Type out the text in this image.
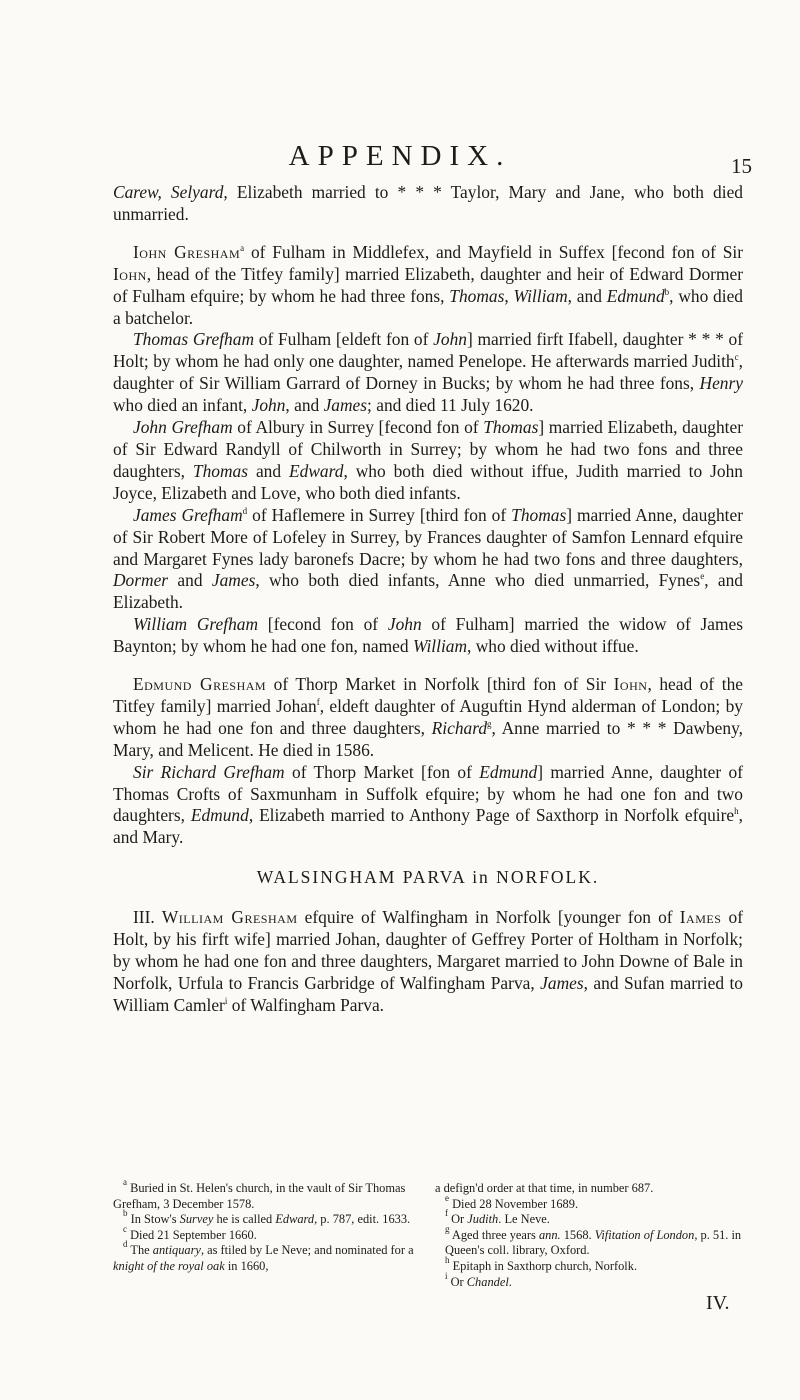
APPENDIX.	15

Carew, Selyard, Elizabeth married to * * * Taylor, Mary and Jane, who both died unmarried.

Iohn Gresham$^a$ of Fulham in Middlefex, and Mayfield in Suffex [fecond fon of Sir Iohn, head of the Titfey family] married Elizabeth, daughter and heir of Edward Dormer of Fulham efquire; by whom he had three fons, Thomas, William, and Edmund$^b$, who died a batchelor.

Thomas Grefham of Fulham [eldeft fon of John] married firft Ifabell, daughter * * * of Holt; by whom he had only one daughter, named Penelope. He afterwards married Judith$^c$, daughter of Sir William Garrard of Dorney in Bucks; by whom he had three fons, Henry who died an infant, John, and James; and died 11 July 1620.

John Grefham of Albury in Surrey [fecond fon of Thomas] married Elizabeth, daughter of Sir Edward Randyll of Chilworth in Surrey; by whom he had two fons and three daughters, Thomas and Edward, who both died without iffue, Judith married to John Joyce, Elizabeth and Love, who both died infants.

James Grefham$^d$ of Haflemere in Surrey [third fon of Thomas] married Anne, daughter of Sir Robert More of Lofeley in Surrey, by Frances daughter of Samfon Lennard efquire and Margaret Fynes lady baronefs Dacre; by whom he had two fons and three daughters, Dormer and James, who both died infants, Anne who died unmarried, Fynes$^e$, and Elizabeth.

William Grefham [fecond fon of John of Fulham] married the widow of James Baynton; by whom he had one fon, named William, who died without iffue.

Edmund Gresham of Thorp Market in Norfolk [third fon of Sir Iohn, head of the Titfey family] married Johan$^f$, eldeft daughter of Auguftin Hynd alderman of London; by whom he had one fon and three daughters, Richard$^g$, Anne married to * * * Dawbeny, Mary, and Melicent. He died in 1586.

Sir Richard Grefham of Thorp Market [fon of Edmund] married Anne, daughter of Thomas Crofts of Saxmunham in Suffolk efquire; by whom he had one fon and two daughters, Edmund, Elizabeth married to Anthony Page of Saxthorp in Norfolk efquire$^h$, and Mary.

WALSINGHAM PARVA in NORFOLK.

III. William Gresham efquire of Walfingham in Norfolk [younger fon of Iames of Holt, by his firft wife] married Johan, daughter of Geffrey Porter of Holtham in Norfolk; by whom he had one fon and three daughters, Margaret married to John Downe of Bale in Norfolk, Urfula to Francis Garbridge of Walfingham Parva, James, and Sufan married to William Camler$^i$ of Walfingham Parva.

$^a$ Buried in St. Helen's church, in the vault of Sir Thomas Grefham, 3 December 1578.

$^b$ In Stow's Survey he is called Edward, p. 787, edit. 1633.

$^c$ Died 21 September 1660.

$^d$ The antiquary, as ftiled by Le Neve; and nominated for a knight of the royal oak in 1660,

a defign'd order at that time, in number 687.

$^e$ Died 28 November 1689.

$^f$ Or Judith. Le Neve.

$^g$ Aged three years ann. 1568. Vifitation of London, p. 51. in Queen's coll. library, Oxford.

$^h$ Epitaph in Saxthorp church, Norfolk.

$^i$ Or Chandel.

IV.
